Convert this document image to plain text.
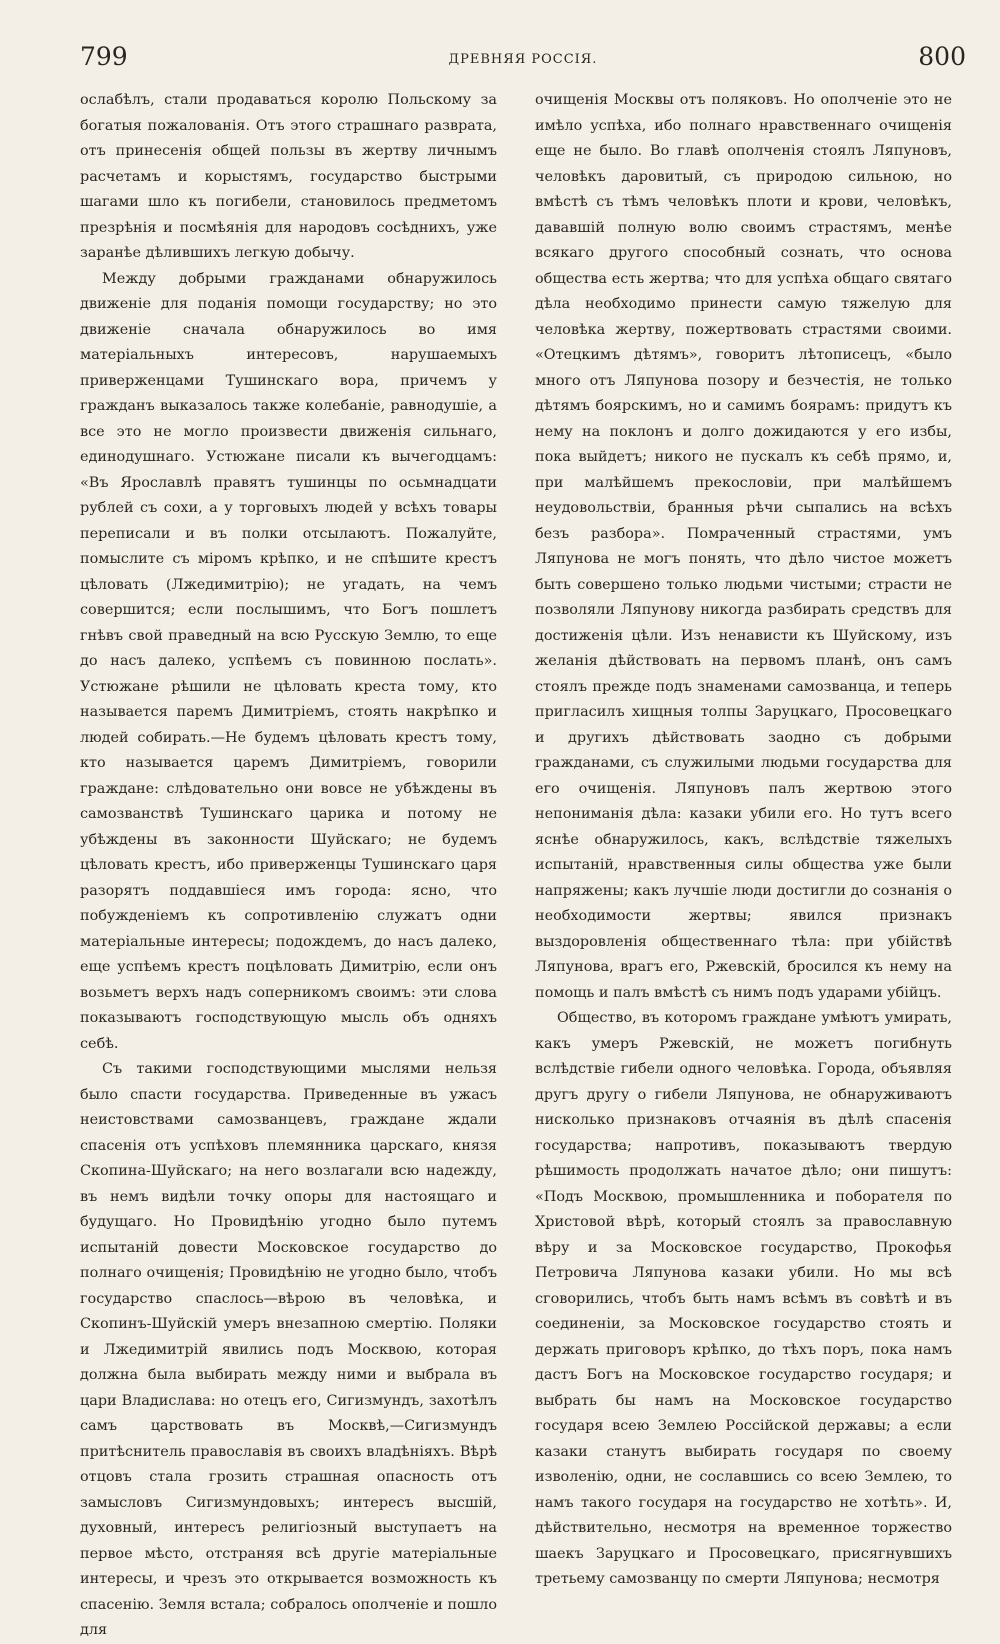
799	ДРЕВНЯЯ РОССІЯ.	800

ослабѣлъ, стали продаваться королю Польскому за богатыя пожалованія. Отъ этого страшнаго разврата, отъ принесенія общей пользы въ жертву личнымъ расчетамъ и корыстямъ, государство быстрыми шагами шло къ погибели, становилось предметомъ презрѣнія и посмѣянія для народовъ сосѣднихъ, уже заранѣе дѣлившихъ легкую добычу.

Между добрыми гражданами обнаружилось движеніе для поданія помощи государству; но это движеніе сначала обнаружилось во имя матеріальныхъ интересовъ, нарушаемыхъ приверженцами Тушинскаго вора, причемъ у гражданъ выказалось также колебаніе, равнодушіе, а все это не могло произвести движенія сильнаго, единодушнаго. Устюжане писали къ вычегодцамъ: «Въ Ярославлѣ правятъ тушинцы по осьмнадцати рублей съ сохи, а у торговыхъ людей у всѣхъ товары переписали и въ полки отсылаютъ. Пожалуйте, помыслите съ міромъ крѣпко, и не спѣшите крестъ цѣловать (Лжедимитрію); не угадать, на чемъ совершится; если послышимъ, что Богъ пошлетъ гнѣвъ свой праведный на всю Русскую Землю, то еще до насъ далеко, успѣемъ съ повинною послать». Устюжане рѣшили не цѣловать креста тому, кто называется паремъ Димитріемъ, стоять накрѣпко и людей собирать.—Не будемъ цѣловать крестъ тому, кто называется царемъ Димитріемъ, говорили граждане: слѣдовательно они вовсе не убѣждены въ самозванствѣ Тушинскаго царика и потому не убѣждены въ законности Шуйскаго; не будемъ цѣловать крестъ, ибо приверженцы Тушинскаго царя разорятъ поддавшіеся имъ города: ясно, что побужденіемъ къ сопротивленію служатъ одни матеріальные интересы; подождемъ, до насъ далеко, еще успѣемъ крестъ поцѣловать Димитрію, если онъ возьметъ верхъ надъ соперникомъ своимъ: эти слова показываютъ господствующую мысль объ одняхъ себѣ.

Съ такими господствующими мыслями нельзя было спасти государства. Приведенные въ ужасъ неистовствами самозванцевъ, граждане ждали спасенія отъ успѣховъ племянника царскаго, князя Скопина-Шуйскаго; на него возлагали всю надежду, въ немъ видѣли точку опоры для настоящаго и будущаго. Но Провидѣнію угодно было путемъ испытаній довести Московское государство до полнаго очищенія; Провидѣнію не угодно было, чтобъ государство спаслось—вѣрою въ человѣка, и Скопинъ-Шуйскій умеръ внезапною смертію. Поляки и Лжедимитрій явились подъ Москвою, которая должна была выбирать между ними и выбрала въ цари Владислава: но отецъ его, Сигизмундъ, захотѣлъ самъ царствовать въ Москвѣ,—Сигизмундъ притѣснитель православія въ своихъ владѣніяхъ. Вѣрѣ отцовъ стала грозить страшная опасность отъ замысловъ Сигизмундовыхъ; интересъ высшій, духовный, интересъ религіозный выступаетъ на первое мѣсто, отстраняя всѣ другіе матеріальные интересы, и чрезъ это открывается возможность къ спасенію. Земля встала; собралось ополченіе и пошло для

очищенія Москвы отъ поляковъ. Но ополченіе это не имѣло успѣха, ибо полнаго нравственнаго очищенія еще не было. Во главѣ ополченія стоялъ Ляпуновъ, человѣкъ даровитый, съ природою сильною, но вмѣстѣ съ тѣмъ человѣкъ плоти и крови, человѣкъ, дававшій полную волю своимъ страстямъ, менѣе всякаго другого способный сознать, что основа общества есть жертва; что для успѣха общаго святаго дѣла необходимо принести самую тяжелую для человѣка жертву, пожертвовать страстями своими. «Отецкимъ дѣтямъ», говоритъ лѣтописецъ, «было много отъ Ляпунова позору и безчестія, не только дѣтямъ боярскимъ, но и самимъ боярамъ: придутъ къ нему на поклонъ и долго дожидаются у его избы, пока выйдетъ; никого не пускалъ къ себѣ прямо, и, при малѣйшемъ прекословіи, при малѣйшемъ неудовольствіи, бранныя рѣчи сыпались на всѣхъ безъ разбора». Помраченный страстями, умъ Ляпунова не могъ понять, что дѣло чистое можетъ быть совершено только людьми чистыми; страсти не позволяли Ляпунову никогда разбирать средствъ для достиженія цѣли. Изъ ненависти къ Шуйскому, изъ желанія дѣйствовать на первомъ планѣ, онъ самъ стоялъ прежде подъ знаменами самозванца, и теперь пригласилъ хищныя толпы Заруцкаго, Просовецкаго и другихъ дѣйствовать заодно съ добрыми гражданами, съ служилыми людьми государства для его очищенія. Ляпуновъ палъ жертвою этого непониманія дѣла: казаки убили его. Но тутъ всего яснѣе обнаружилось, какъ, вслѣдствіе тяжелыхъ испытаній, нравственныя силы общества уже были напряжены; какъ лучшіе люди достигли до сознанія о необходимости жертвы; явился признакъ выздоровленія общественнаго тѣла: при убійствѣ Ляпунова, врагъ его, Ржевскій, бросился къ нему на помощь и палъ вмѣстѣ съ нимъ подъ ударами убійцъ.

Общество, въ которомъ граждане умѣютъ умирать, какъ умеръ Ржевскій, не можетъ погибнуть вслѣдствіе гибели одного человѣка. Города, объявляя другъ другу о гибели Ляпунова, не обнаруживаютъ нисколько признаковъ отчаянія въ дѣлѣ спасенія государства; напротивъ, показываютъ твердую рѣшимость продолжать начатое дѣло; они пишутъ: «Подъ Москвою, промышленника и поборателя по Христовой вѣрѣ, который стоялъ за православную вѣру и за Московское государство, Прокофья Петровича Ляпунова казаки убили. Но мы всѣ сговорились, чтобъ быть намъ всѣмъ въ совѣтѣ и въ соединеніи, за Московское государство стоять и держать приговоръ крѣпко, до тѣхъ поръ, пока намъ дастъ Богъ на Московское государство государя; и выбрать бы намъ на Московское государство государя всею Землею Россійской державы; а если казаки станутъ выбирать государя по своему изволенію, одни, не сославшись со всею Землею, то намъ такого государя на государство не хотѣть». И, дѣйствительно, несмотря на временное торжество шаекъ Заруцкаго и Просовецкаго, присягнувшихъ третьему самозванцу по смерти Ляпунова; несмотря
